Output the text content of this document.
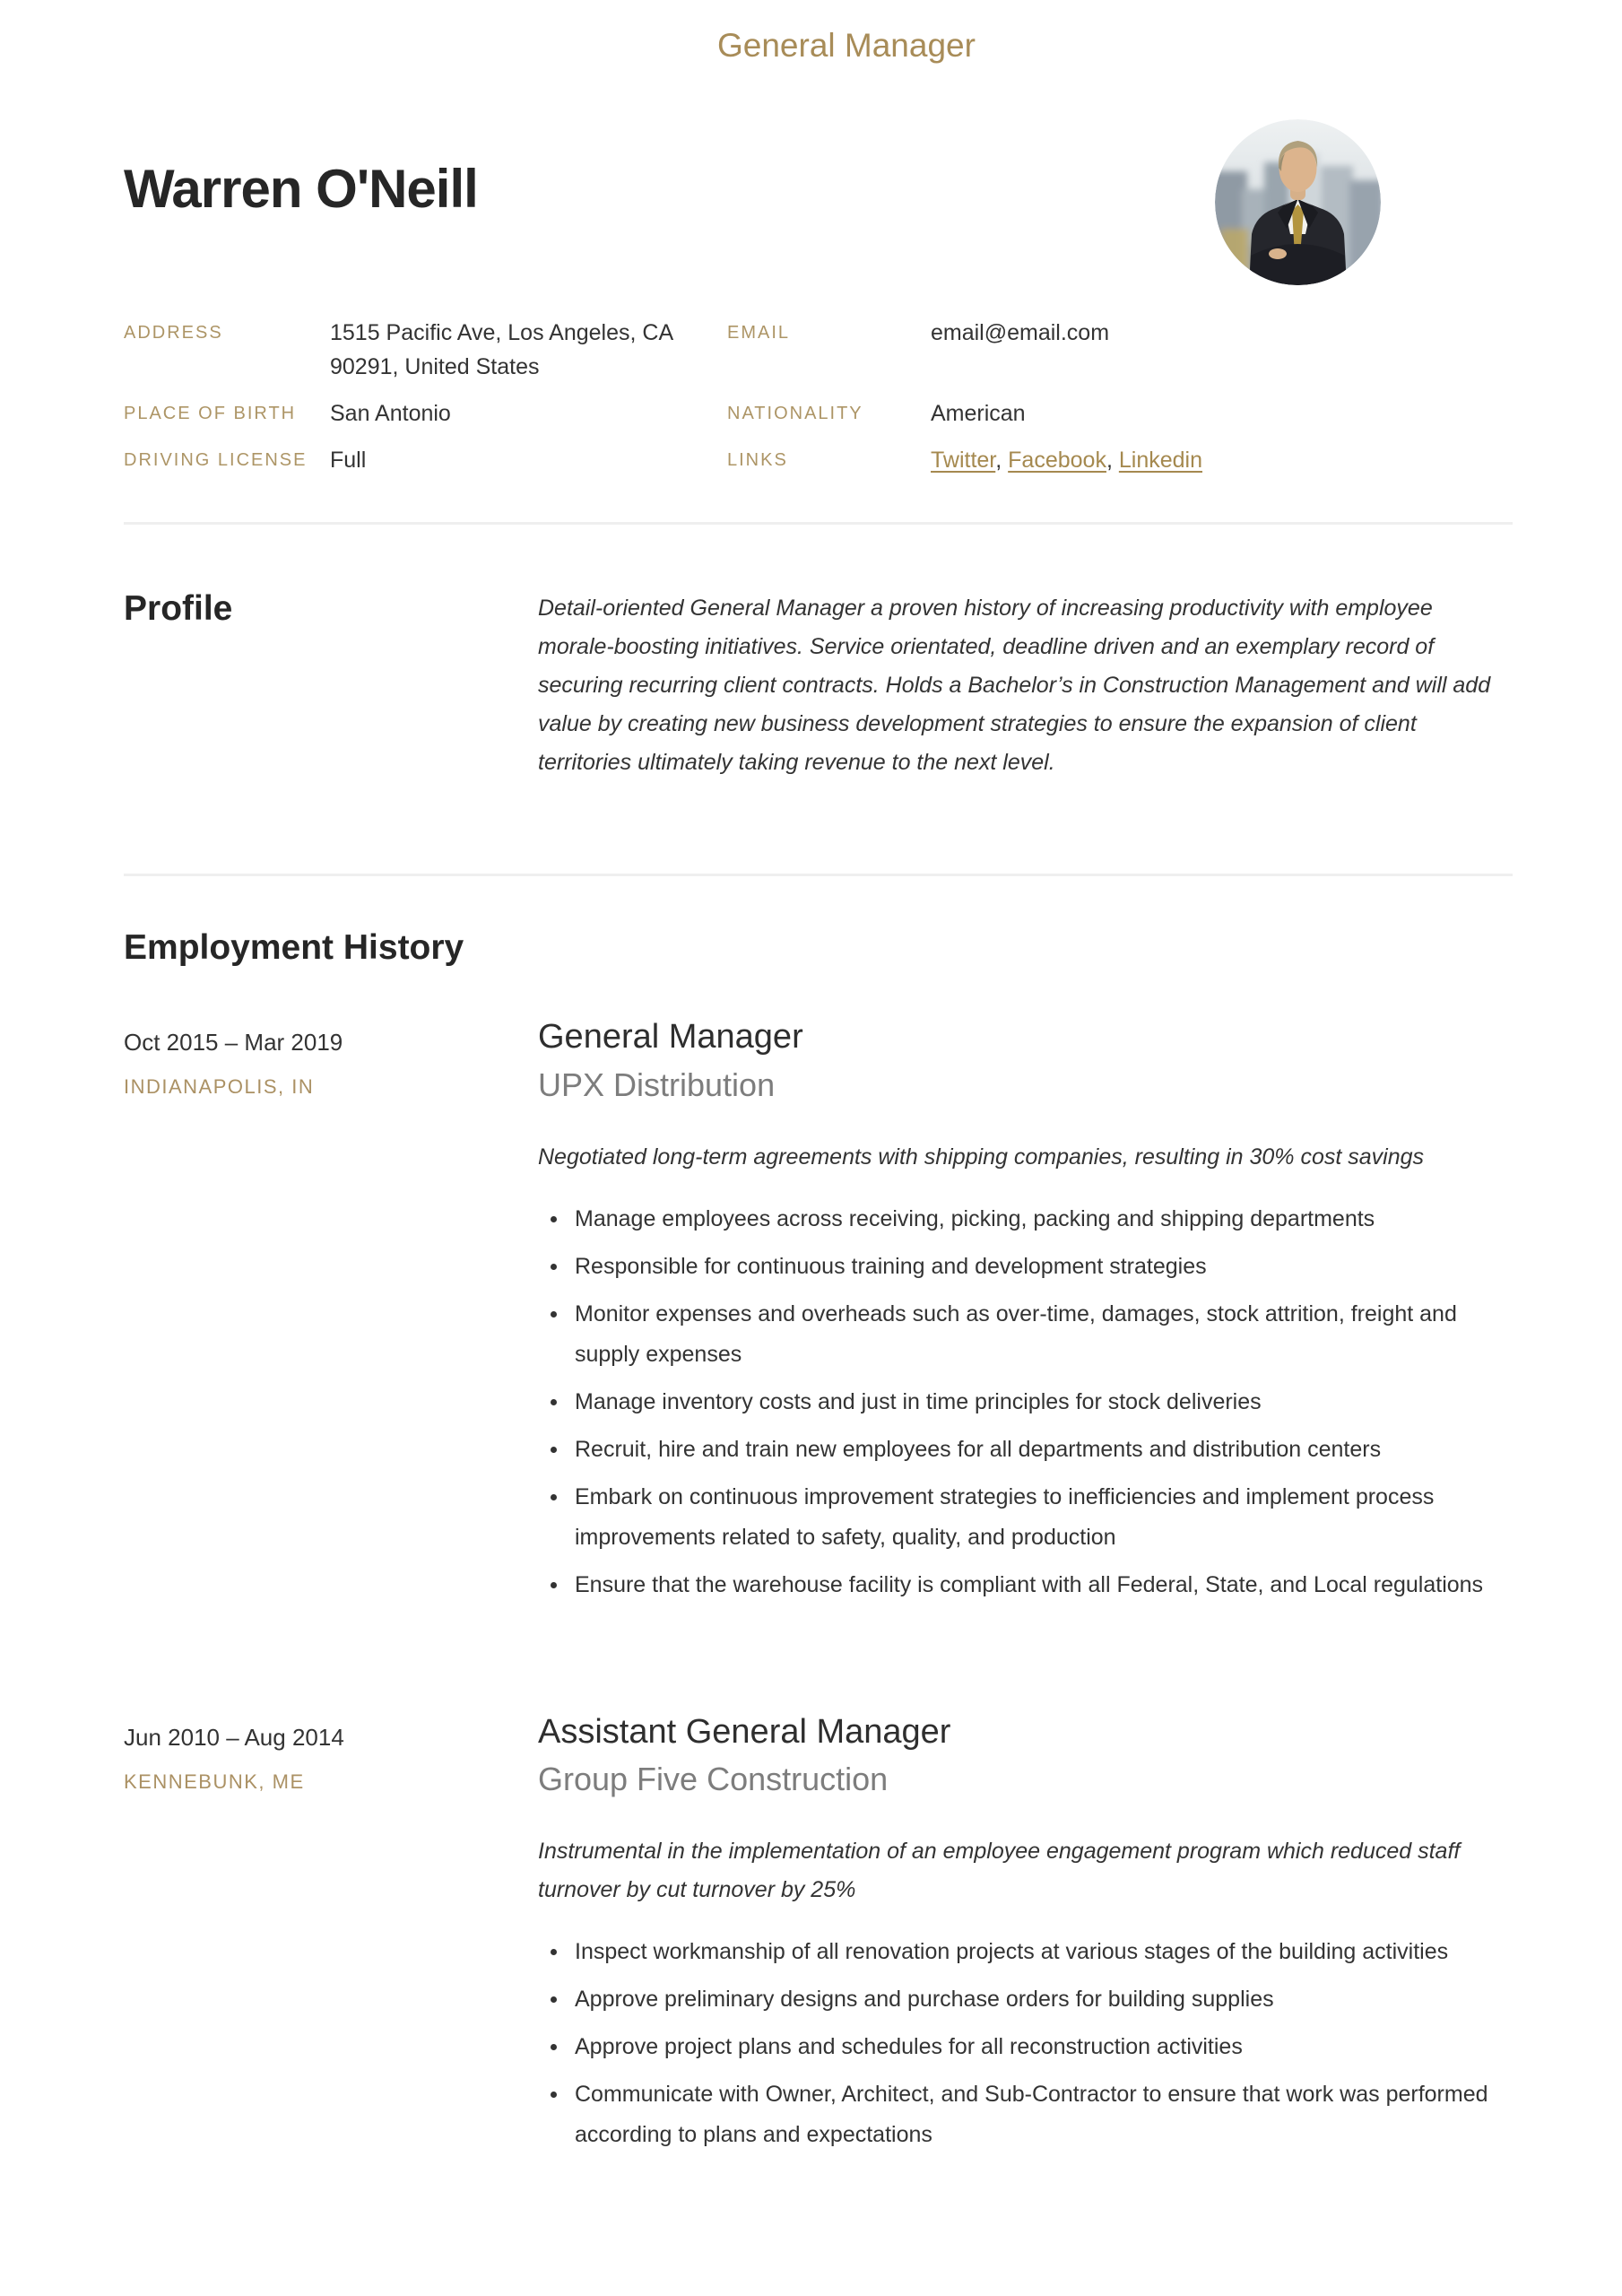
Warren O'Neill
General Manager
ADDRESS	1515 Pacific Ave, Los Angeles, CA 90291, United States
EMAIL	email@email.com
PLACE OF BIRTH	San Antonio	NATIONALITY	American
DRIVING LICENSE	Full	LINKS	Twitter, Facebook, Linkedin
Profile	Detail-oriented General Manager a proven history of increasing productivity with employee morale-boosting initiatives. Service orientated, deadline driven and an exemplary record of securing recurring client contracts. Holds a Bachelor’s in Construction Management and will add value by creating new business development strategies to ensure the expansion of client territories ultimately taking revenue to the next level.

Employment History
Oct 2015 – Mar 2019
INDIANAPOLIS, IN
General Manager
UPX Distribution

Negotiated long-term agreements with shipping companies, resulting in 30% cost savings

Manage employees across receiving, picking, packing and shipping departments
Responsible for continuous training and development strategies
Monitor expenses and overheads such as over-time, damages, stock attrition, freight and supply expenses
Manage inventory costs and just in time principles for stock deliveries
Recruit, hire and train new employees for all departments and distribution centers
Embark on continuous improvement strategies to inefficiencies and implement process improvements related to safety, quality, and production
Ensure that the warehouse facility is compliant with all Federal, State, and Local regulations
Jun 2010 – Aug 2014
KENNEBUNK, ME
Assistant General Manager
Group Five Construction

Instrumental in the implementation of an employee engagement program which reduced staff turnover by cut turnover by 25%

Inspect workmanship of all renovation projects at various stages of the building activities
Approve preliminary designs and purchase orders for building supplies
Approve project plans and schedules for all reconstruction activities
Communicate with Owner, Architect, and Sub-Contractor to ensure that work was performed according to plans and expectations
